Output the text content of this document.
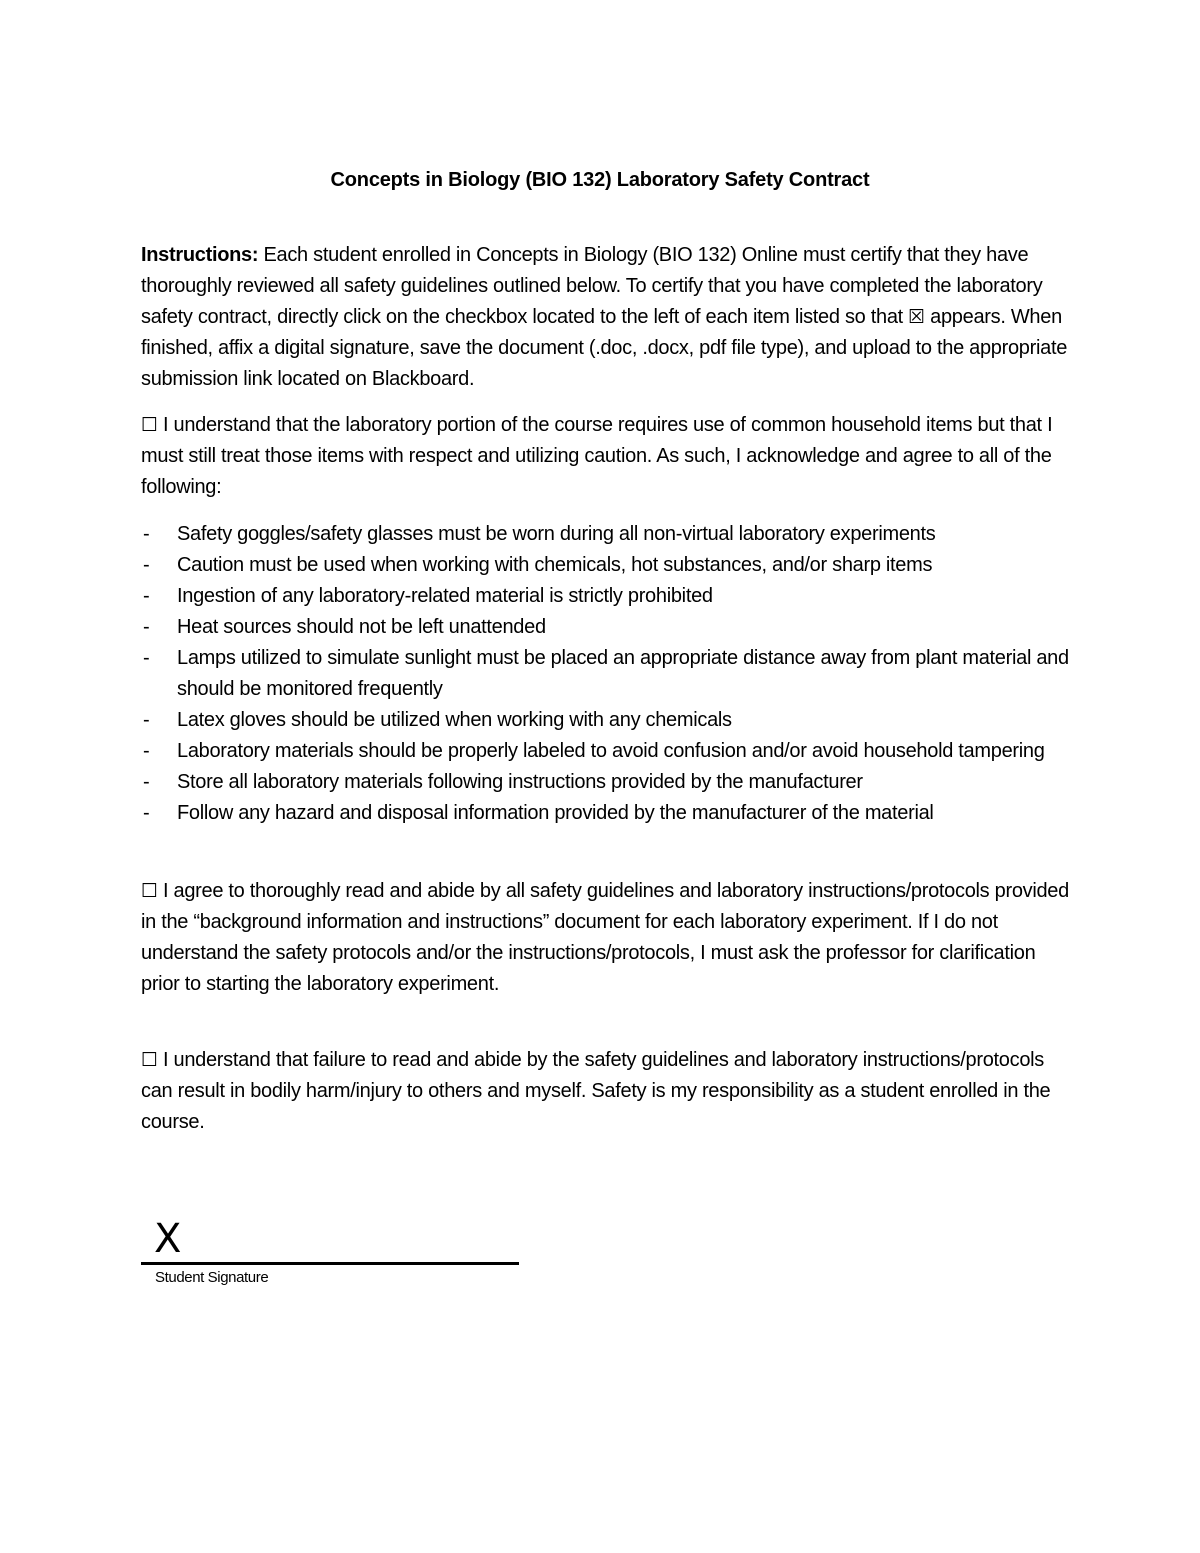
Concepts in Biology (BIO 132) Laboratory Safety Contract
Instructions: Each student enrolled in Concepts in Biology (BIO 132) Online must certify that they have thoroughly reviewed all safety guidelines outlined below. To certify that you have completed the laboratory safety contract, directly click on the checkbox located to the left of each item listed so that ☒ appears. When finished, affix a digital signature, save the document (.doc, .docx, pdf file type), and upload to the appropriate submission link located on Blackboard.
☐ I understand that the laboratory portion of the course requires use of common household items but that I must still treat those items with respect and utilizing caution. As such, I acknowledge and agree to all of the following:
- Safety goggles/safety glasses must be worn during all non-virtual laboratory experiments
- Caution must be used when working with chemicals, hot substances, and/or sharp items
- Ingestion of any laboratory-related material is strictly prohibited
- Heat sources should not be left unattended
- Lamps utilized to simulate sunlight must be placed an appropriate distance away from plant material and should be monitored frequently
- Latex gloves should be utilized when working with any chemicals
- Laboratory materials should be properly labeled to avoid confusion and/or avoid household tampering
- Store all laboratory materials following instructions provided by the manufacturer
- Follow any hazard and disposal information provided by the manufacturer of the material
☐ I agree to thoroughly read and abide by all safety guidelines and laboratory instructions/protocols provided in the “background information and instructions” document for each laboratory experiment. If I do not understand the safety protocols and/or the instructions/protocols, I must ask the professor for clarification prior to starting the laboratory experiment.
☐ I understand that failure to read and abide by the safety guidelines and laboratory instructions/protocols can result in bodily harm/injury to others and myself. Safety is my responsibility as a student enrolled in the course.
X
Student Signature
